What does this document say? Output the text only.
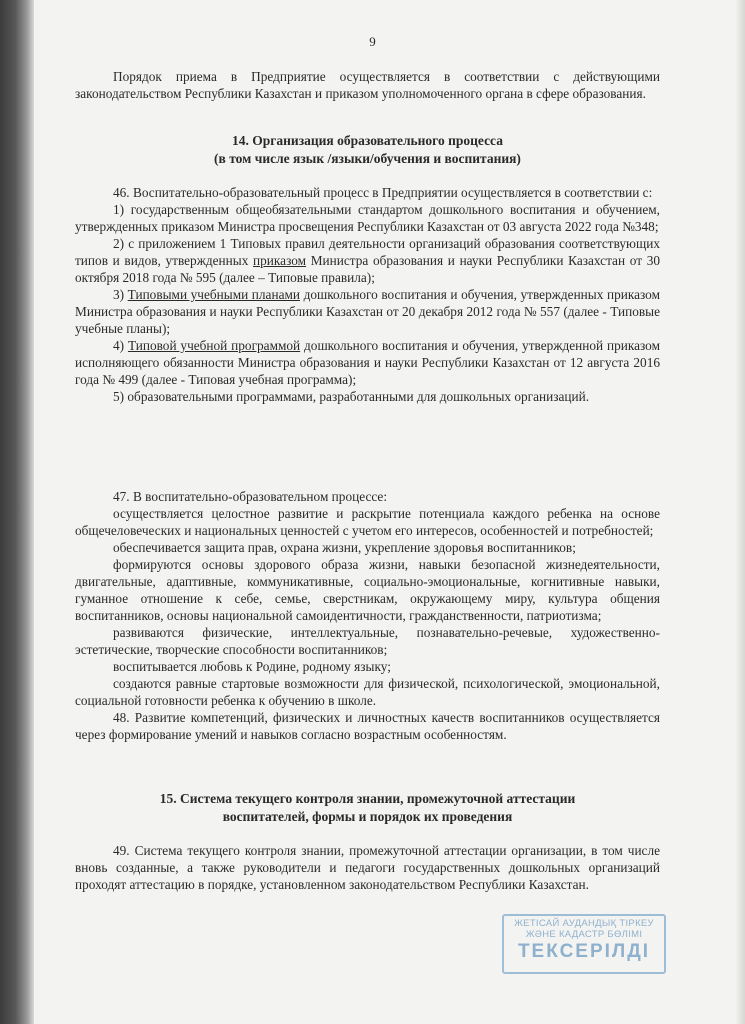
9

Порядок приема в Предприятие осуществляется в соответствии с действующими законодательством Республики Казахстан и приказом уполномоченного органа в сфере образования.

14. Организация образовательного процесса
(в том числе язык /языки/обучения и воспитания)

46. Воспитательно-образовательный процесс в Предприятии осуществляется в соответствии с:

1) государственным общеобязательными стандартом дошкольного воспитания и обучением, утвержденных приказом Министра просвещения Республики Казахстан от 03 августа 2022 года №348;

2) с приложением 1 Типовых правил деятельности организаций образования соответствующих типов и видов, утвержденных приказом Министра образования и науки Республики Казахстан от 30 октября 2018 года № 595 (далее – Типовые правила);

3) Типовыми учебными планами дошкольного воспитания и обучения, утвержденных приказом Министра образования и науки Республики Казахстан от 20 декабря 2012 года № 557 (далее - Типовые учебные планы);

4) Типовой учебной программой дошкольного воспитания и обучения, утвержденной приказом исполняющего обязанности Министра образования и науки Республики Казахстан от 12 августа 2016 года № 499 (далее - Типовая учебная программа);

5) образовательными программами, разработанными для дошкольных организаций.

47. В воспитательно-образовательном процессе:

осуществляется целостное развитие и раскрытие потенциала каждого ребенка на основе общечеловеческих и национальных ценностей с учетом его интересов, особенностей и потребностей;

обеспечивается защита прав, охрана жизни, укрепление здоровья воспитанников;

формируются основы здорового образа жизни, навыки безопасной жизнедеятельности, двигательные, адаптивные, коммуникативные, социально-эмоциональные, когнитивные навыки, гуманное отношение к себе, семье, сверстникам, окружающему миру, культура общения воспитанников, основы национальной самоидентичности, гражданственности, патриотизма;

развиваются физические, интеллектуальные, познавательно-речевые, художественно-эстетические, творческие способности воспитанников;

воспитывается любовь к Родине, родному языку;

создаются равные стартовые возможности для физической, психологической, эмоциональной, социальной готовности ребенка к обучению в школе.

48. Развитие компетенций, физических и личностных качеств воспитанников осуществляется через формирование умений и навыков согласно возрастным особенностям.

15. Система текущего контроля знании, промежуточной аттестации
воспитателей, формы и порядок их проведения

49. Система текущего контроля знании, промежуточной аттестации организации, в том числе вновь созданные, а также руководители и педагоги государственных дошкольных организаций проходят аттестацию в порядке, установленном законодательством Республики Казахстан.

ЖЕТІСАЙ АУДАНДЫҚ ТІРКЕУ
ЖӘНЕ КАДАСТР БӨЛІМІ
ТЕКСЕРІЛДІ
